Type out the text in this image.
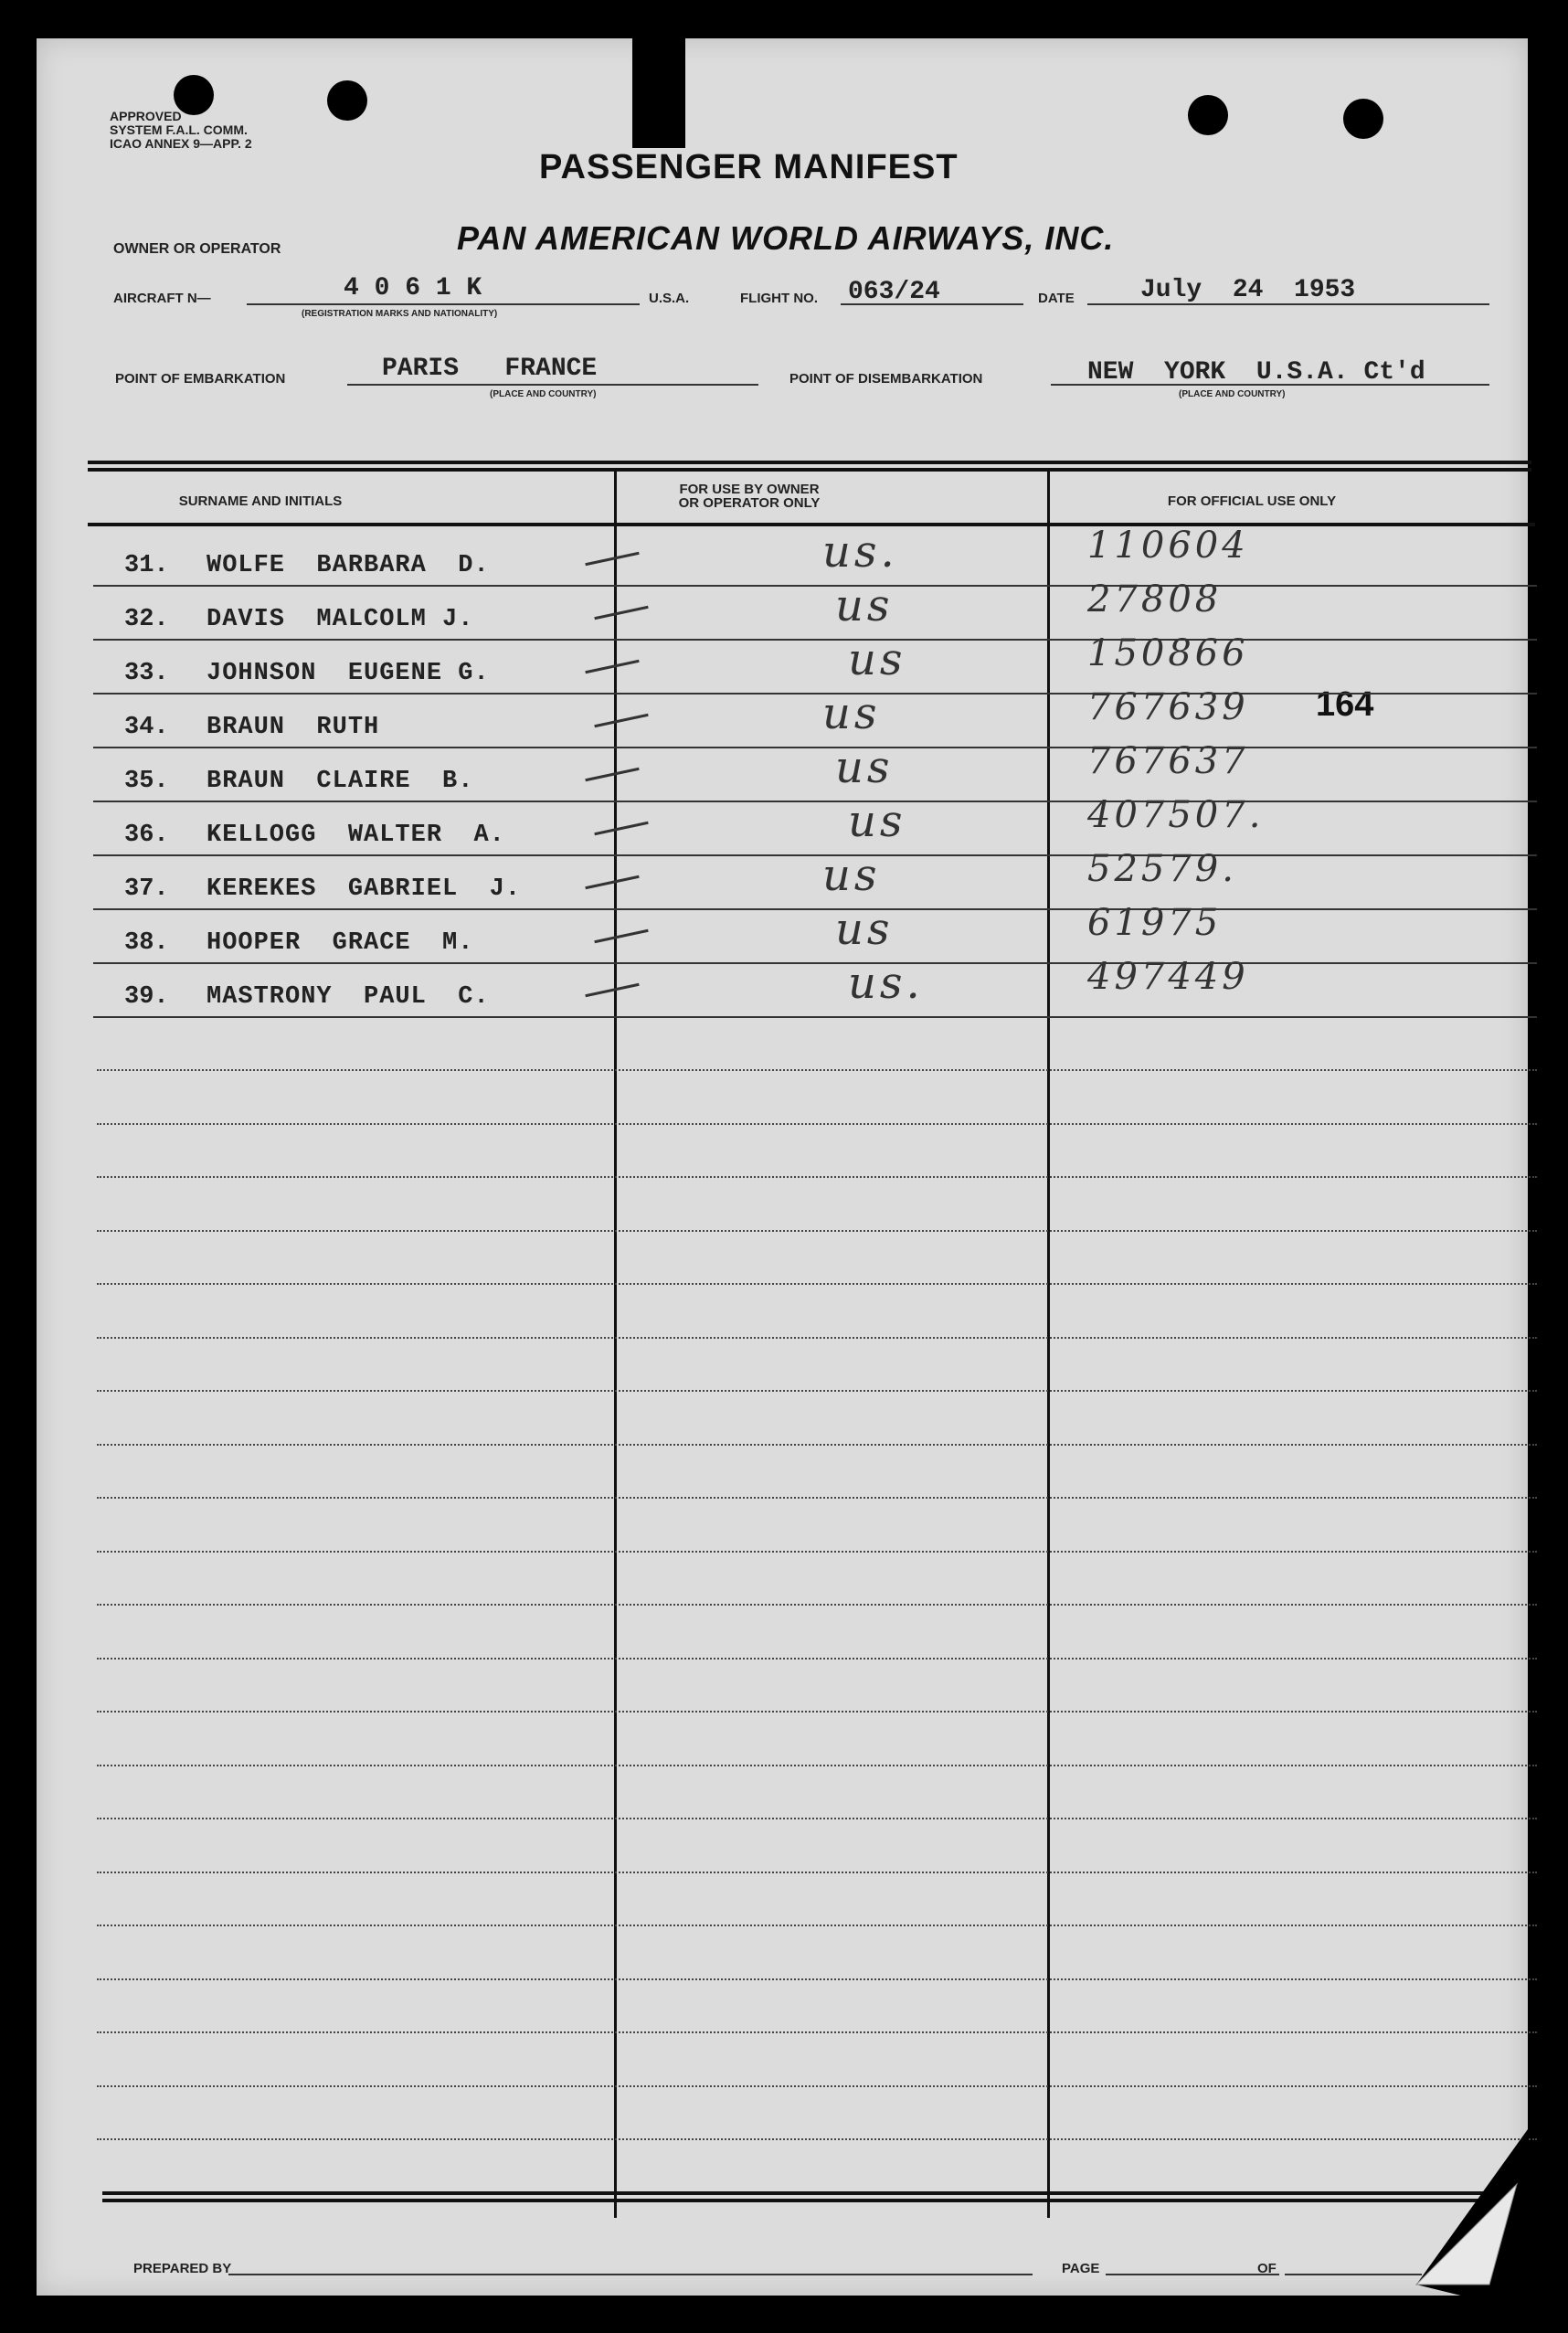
APPROVED
SYSTEM F.A.L. COMM.
ICAO ANNEX 9—APP. 2
PASSENGER MANIFEST
OWNER OR OPERATOR	PAN AMERICAN WORLD AIRWAYS, INC.
AIRCRAFT N—	4 0 6 1 K
(REGISTRATION MARKS AND NATIONALITY)
U.S.A.	FLIGHT NO. 063/24	DATE	July  24  1953
POINT OF EMBARKATION	PARIS   FRANCE
(PLACE AND COUNTRY)
POINT OF DISEMBARKATION	NEW  YORK  U.S.A. Ct'd
(PLACE AND COUNTRY)
SURNAME AND INITIALS
FOR USE BY OWNER
OR OPERATOR ONLY	FOR OFFICIAL USE ONLY
164
PREPARED BY	PAGE	OF
31. WOLFE  BARBARA  D.	us.	110604
32. DAVIS  MALCOLM J.	us	27808
33. JOHNSON  EUGENE G.	us	150866
34. BRAUN  RUTH	us	767639
35. BRAUN  CLAIRE  B.	us	767637
36. KELLOGG  WALTER  A.	us	407507.
37. KEREKES  GABRIEL  J.	us	52579.
38. HOOPER  GRACE  M.	us	61975
39. MASTRONY  PAUL  C.	us.	497449
